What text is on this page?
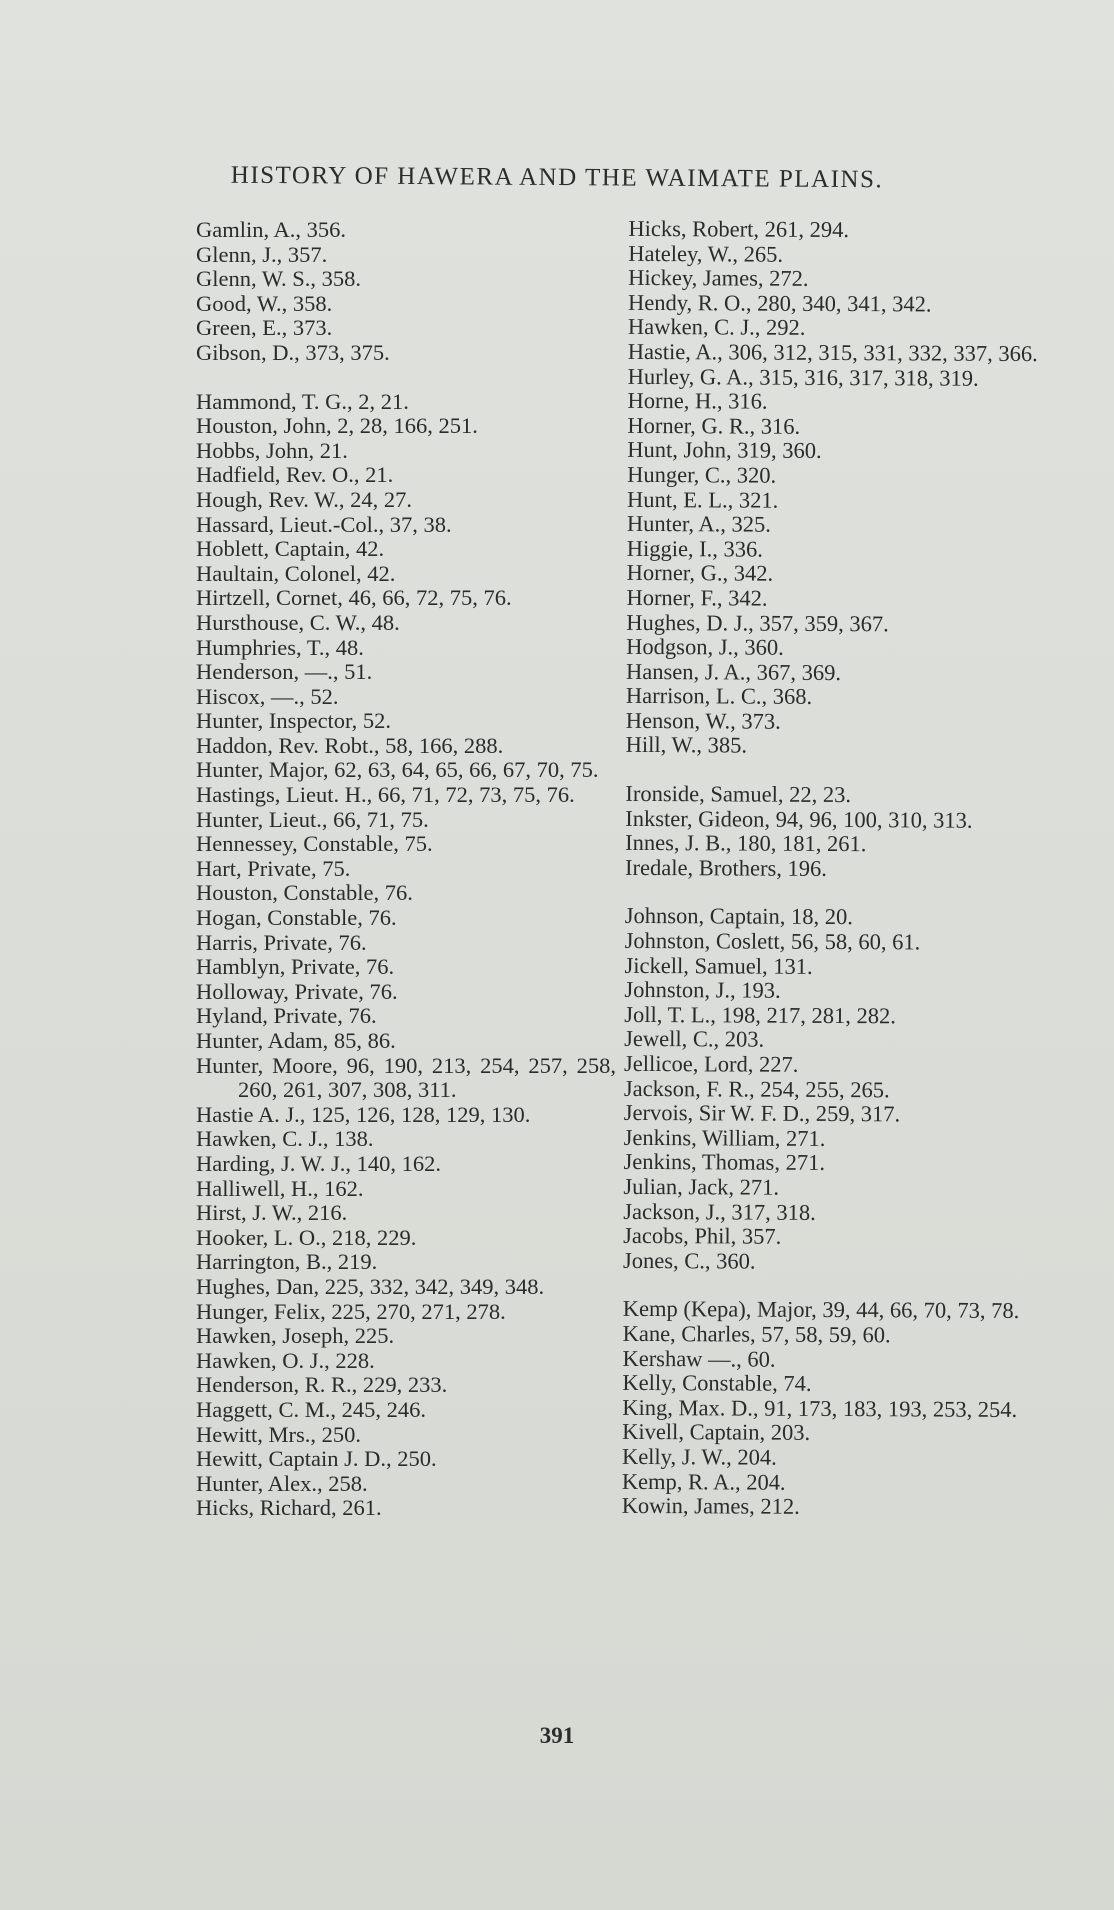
HISTORY OF HAWERA AND THE WAIMATE PLAINS.
Gamlin, A., 356.
Glenn, J., 357.
Glenn, W. S., 358.
Good, W., 358.
Green, E., 373.
Gibson, D., 373, 375.
Hammond, T. G., 2, 21.
Houston, John, 2, 28, 166, 251.
Hobbs, John, 21.
Hadfield, Rev. O., 21.
Hough, Rev. W., 24, 27.
Hassard, Lieut.-Col., 37, 38.
Hoblett, Captain, 42.
Haultain, Colonel, 42.
Hirtzell, Cornet, 46, 66, 72, 75, 76.
Hursthouse, C. W., 48.
Humphries, T., 48.
Henderson, —., 51.
Hiscox, —., 52.
Hunter, Inspector, 52.
Haddon, Rev. Robt., 58, 166, 288.
Hunter, Major, 62, 63, 64, 65, 66, 67, 70, 75.
Hastings, Lieut. H., 66, 71, 72, 73, 75, 76.
Hunter, Lieut., 66, 71, 75.
Hennessey, Constable, 75.
Hart, Private, 75.
Houston, Constable, 76.
Hogan, Constable, 76.
Harris, Private, 76.
Hamblyn, Private, 76.
Holloway, Private, 76.
Hyland, Private, 76.
Hunter, Adam, 85, 86.
Hunter, Moore, 96, 190, 213, 254, 257, 258, 260, 261, 307, 308, 311.
Hastie A. J., 125, 126, 128, 129, 130.
Hawken, C. J., 138.
Harding, J. W. J., 140, 162.
Halliwell, H., 162.
Hirst, J. W., 216.
Hooker, L. O., 218, 229.
Harrington, B., 219.
Hughes, Dan, 225, 332, 342, 349, 348.
Hunger, Felix, 225, 270, 271, 278.
Hawken, Joseph, 225.
Hawken, O. J., 228.
Henderson, R. R., 229, 233.
Haggett, C. M., 245, 246.
Hewitt, Mrs., 250.
Hewitt, Captain J. D., 250.
Hunter, Alex., 258.
Hicks, Richard, 261.
Hicks, Robert, 261, 294.
Hateley, W., 265.
Hickey, James, 272.
Hendy, R. O., 280, 340, 341, 342.
Hawken, C. J., 292.
Hastie, A., 306, 312, 315, 331, 332, 337, 366.
Hurley, G. A., 315, 316, 317, 318, 319.
Horne, H., 316.
Horner, G. R., 316.
Hunt, John, 319, 360.
Hunger, C., 320.
Hunt, E. L., 321.
Hunter, A., 325.
Higgie, I., 336.
Horner, G., 342.
Horner, F., 342.
Hughes, D. J., 357, 359, 367.
Hodgson, J., 360.
Hansen, J. A., 367, 369.
Harrison, L. C., 368.
Henson, W., 373.
Hill, W., 385.
Ironside, Samuel, 22, 23.
Inkster, Gideon, 94, 96, 100, 310, 313.
Innes, J. B., 180, 181, 261.
Iredale, Brothers, 196.
Johnson, Captain, 18, 20.
Johnston, Coslett, 56, 58, 60, 61.
Jickell, Samuel, 131.
Johnston, J., 193.
Joll, T. L., 198, 217, 281, 282.
Jewell, C., 203.
Jellicoe, Lord, 227.
Jackson, F. R., 254, 255, 265.
Jervois, Sir W. F. D., 259, 317.
Jenkins, William, 271.
Jenkins, Thomas, 271.
Julian, Jack, 271.
Jackson, J., 317, 318.
Jacobs, Phil, 357.
Jones, C., 360.
Kemp (Kepa), Major, 39, 44, 66, 70, 73, 78.
Kane, Charles, 57, 58, 59, 60.
Kershaw —., 60.
Kelly, Constable, 74.
King, Max. D., 91, 173, 183, 193, 253, 254.
Kivell, Captain, 203.
Kelly, J. W., 204.
Kemp, R. A., 204.
Kowin, James, 212.
391
